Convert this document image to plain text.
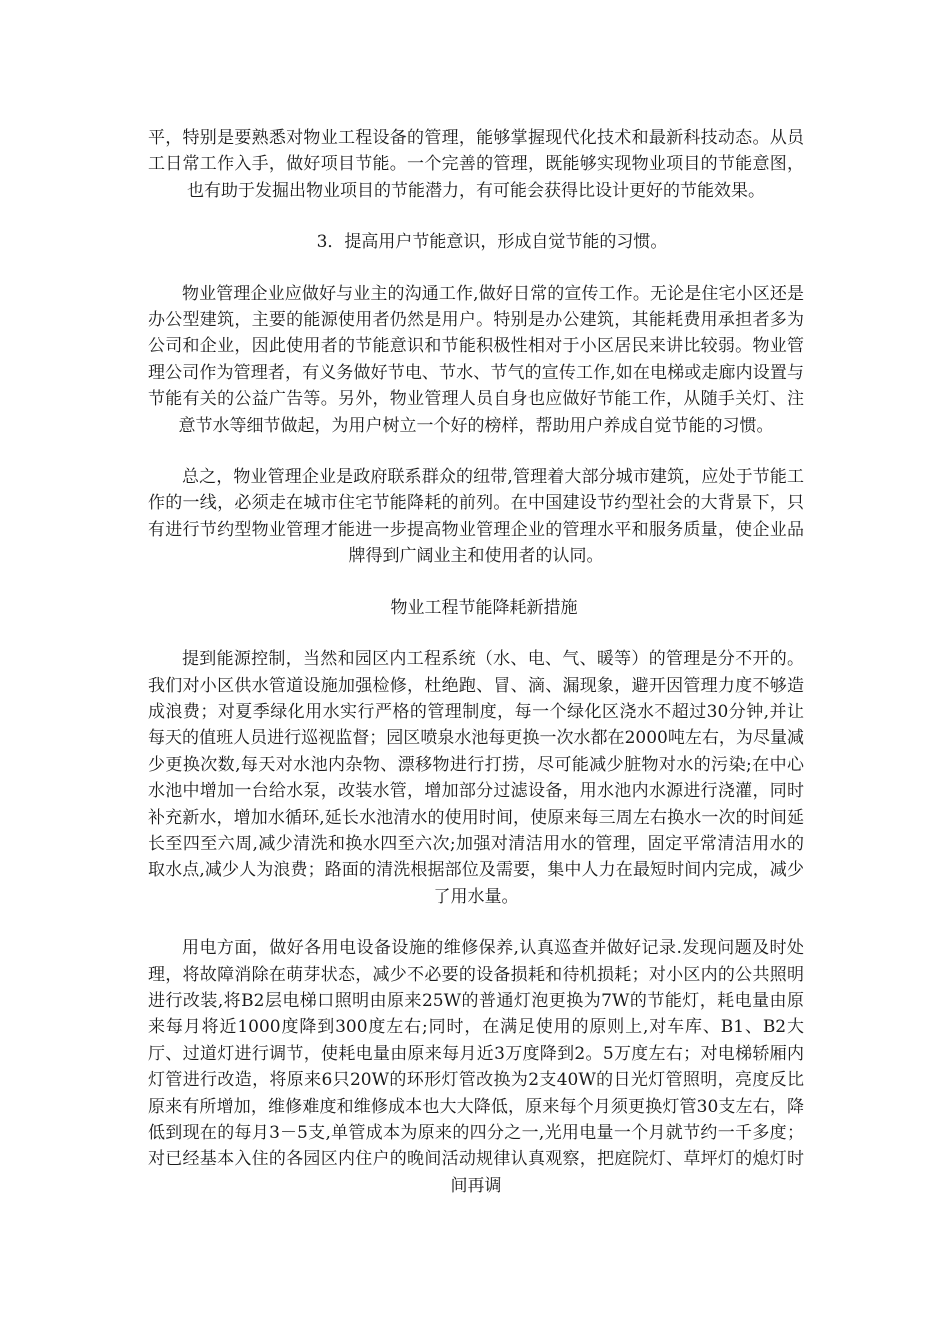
平，特别是要熟悉对物业工程设备的管理，能够掌握现代化技术和最新科技动态。从员工日常工作入手，做好项目节能。一个完善的管理，既能够实现物业项目的节能意图，也有助于发掘出物业项目的节能潜力，有可能会获得比设计更好的节能效果。

3．提高用户节能意识，形成自觉节能的习惯。

物业管理企业应做好与业主的沟通工作,做好日常的宣传工作。无论是住宅小区还是办公型建筑，主要的能源使用者仍然是用户。特别是办公建筑，其能耗费用承担者多为公司和企业，因此使用者的节能意识和节能积极性相对于小区居民来讲比较弱。物业管理公司作为管理者，有义务做好节电、节水、节气的宣传工作,如在电梯或走廊内设置与节能有关的公益广告等。另外，物业管理人员自身也应做好节能工作，从随手关灯、注意节水等细节做起，为用户树立一个好的榜样，帮助用户养成自觉节能的习惯。

总之，物业管理企业是政府联系群众的纽带,管理着大部分城市建筑，应处于节能工作的一线，必须走在城市住宅节能降耗的前列。在中国建设节约型社会的大背景下，只有进行节约型物业管理才能进一步提高物业管理企业的管理水平和服务质量，使企业品牌得到广阔业主和使用者的认同。

物业工程节能降耗新措施

提到能源控制，当然和园区内工程系统（水、电、气、暖等）的管理是分不开的。我们对小区供水管道设施加强检修，杜绝跑、冒、滴、漏现象，避开因管理力度不够造成浪费；对夏季绿化用水实行严格的管理制度，每一个绿化区浇水不超过30分钟,并让每天的值班人员进行巡视监督；园区喷泉水池每更换一次水都在2000吨左右，为尽量减少更换次数,每天对水池内杂物、漂移物进行打捞，尽可能减少脏物对水的污染;在中心水池中增加一台给水泵，改装水管，增加部分过滤设备，用水池内水源进行浇灌，同时补充新水，增加水循环,延长水池清水的使用时间，使原来每三周左右换水一次的时间延长至四至六周,减少清洗和换水四至六次;加强对清洁用水的管理，固定平常清洁用水的取水点,减少人为浪费；路面的清洗根据部位及需要，集中人力在最短时间内完成，减少了用水量。

用电方面，做好各用电设备设施的维修保养,认真巡查并做好记录.发现问题及时处理，将故障消除在萌芽状态，减少不必要的设备损耗和待机损耗；对小区内的公共照明进行改装,将B2层电梯口照明由原来25W的普通灯泡更换为7W的节能灯，耗电量由原来每月将近1000度降到300度左右;同时，在满足使用的原则上,对车库、B1、B2大厅、过道灯进行调节，使耗电量由原来每月近3万度降到2。5万度左右；对电梯轿厢内灯管进行改造，将原来6只20W的环形灯管改换为2支40W的日光灯管照明，亮度反比原来有所增加，维修难度和维修成本也大大降低，原来每个月须更换灯管30支左右，降低到现在的每月3－5支,单管成本为原来的四分之一,光用电量一个月就节约一千多度；对已经基本入住的各园区内住户的晚间活动规律认真观察，把庭院灯、草坪灯的熄灯时间再调
